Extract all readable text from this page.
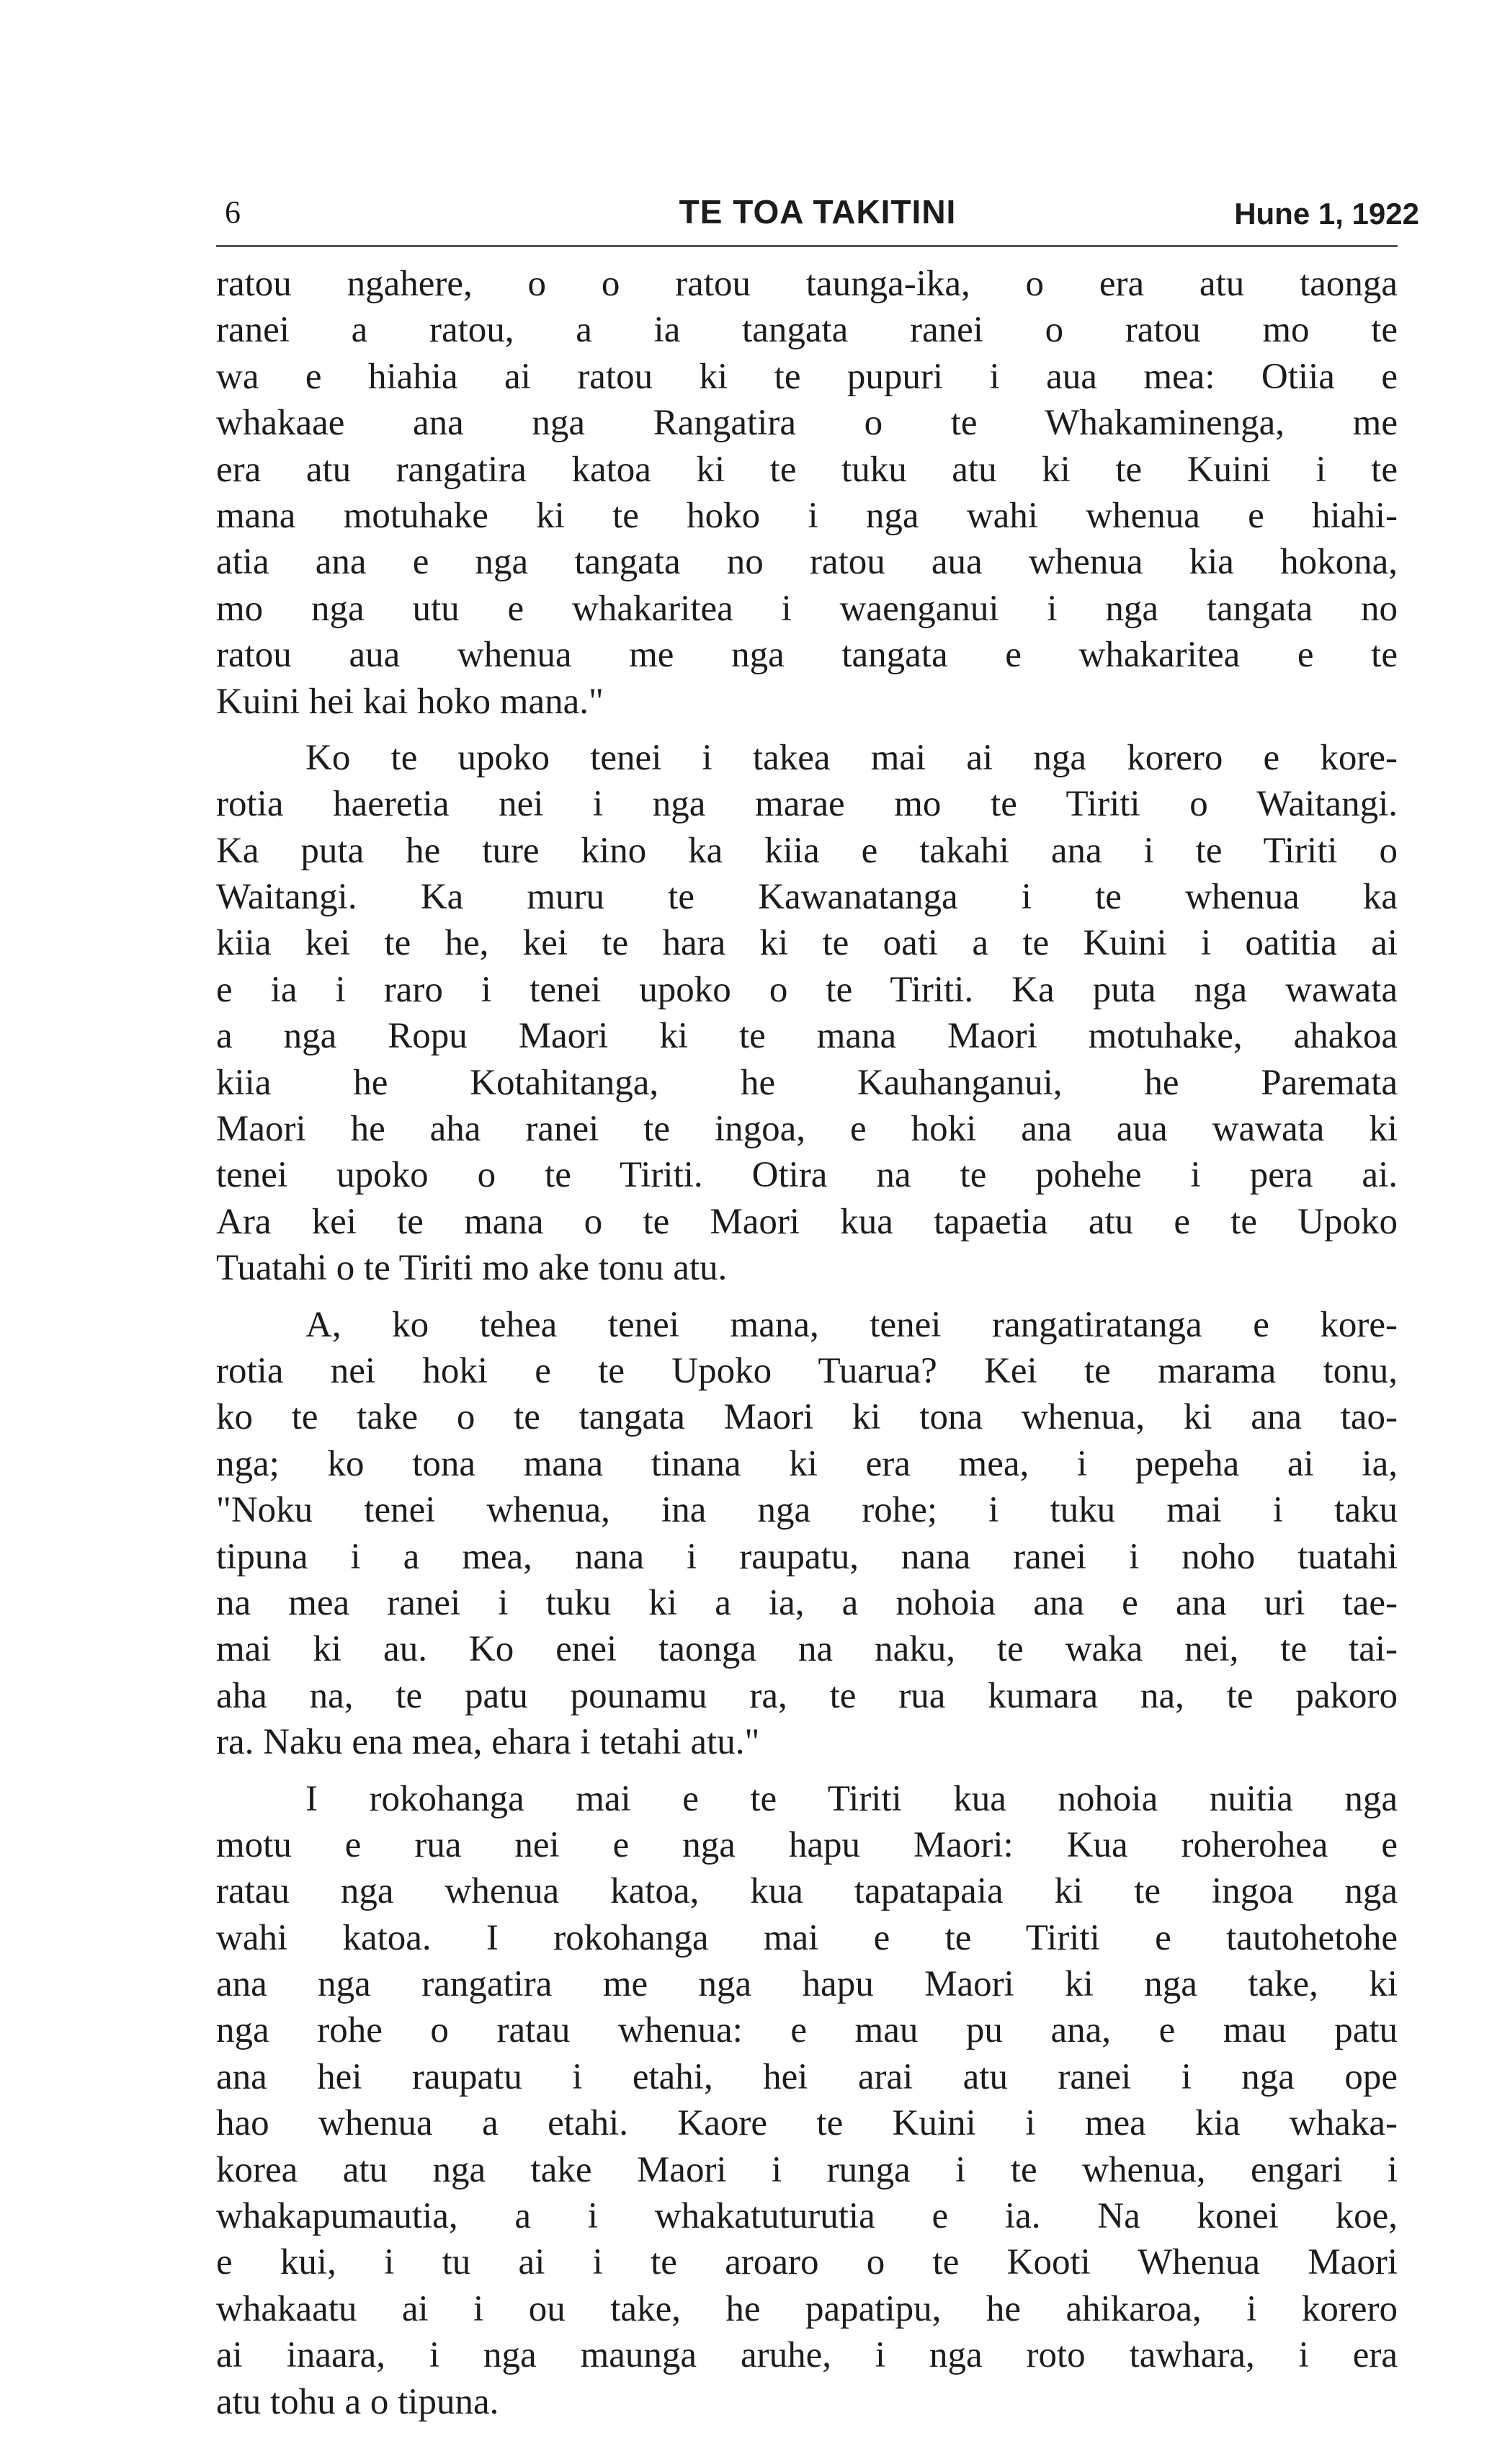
6	TE TOA TAKITINI	Hune 1, 1922
ratou ngahere, o o ratou taunga-ika, o era atu taonga
ranei a ratou, a ia tangata ranei o ratou mo te
wa e hiahia ai ratou ki te pupuri i aua mea: Otiia e
whakaae ana nga Rangatira o te Whakaminenga, me
era atu rangatira katoa ki te tuku atu ki te Kuini i te
mana motuhake ki te hoko i nga wahi whenua e hiahi-
atia ana e nga tangata no ratou aua whenua kia hokona,
mo nga utu e whakaritea i waenganui i nga tangata no
ratou aua whenua me nga tangata e whakaritea e te
Kuini hei kai hoko mana."
Ko te upoko tenei i takea mai ai nga korero e kore-
rotia haeretia nei i nga marae mo te Tiriti o Waitangi.
Ka puta he ture kino ka kiia e takahi ana i te Tiriti o
Waitangi. Ka muru te Kawanatanga i te whenua ka
kiia kei te he, kei te hara ki te oati a te Kuini i oatitia ai
e ia i raro i tenei upoko o te Tiriti. Ka puta nga wawata
a nga Ropu Maori ki te mana Maori motuhake, ahakoa
kiia he Kotahitanga, he Kauhanganui, he Paremata
Maori he aha ranei te ingoa, e hoki ana aua wawata ki
tenei upoko o te Tiriti. Otira na te pohehe i pera ai.
Ara kei te mana o te Maori kua tapaetia atu e te Upoko
Tuatahi o te Tiriti mo ake tonu atu.
A, ko tehea tenei mana, tenei rangatiratanga e kore-
rotia nei hoki e te Upoko Tuarua? Kei te marama tonu,
ko te take o te tangata Maori ki tona whenua, ki ana tao-
nga; ko tona mana tinana ki era mea, i pepeha ai ia,
"Noku tenei whenua, ina nga rohe; i tuku mai i taku
tipuna i a mea, nana i raupatu, nana ranei i noho tuatahi
na mea ranei i tuku ki a ia, a nohoia ana e ana uri tae-
mai ki au. Ko enei taonga na naku, te waka nei, te tai-
aha na, te patu pounamu ra, te rua kumara na, te pakoro
ra. Naku ena mea, ehara i tetahi atu."
I rokohanga mai e te Tiriti kua nohoia nuitia nga
motu e rua nei e nga hapu Maori: Kua roherohea e
ratau nga whenua katoa, kua tapatapaia ki te ingoa nga
wahi katoa. I rokohanga mai e te Tiriti e tautohetohe
ana nga rangatira me nga hapu Maori ki nga take, ki
nga rohe o ratau whenua: e mau pu ana, e mau patu
ana hei raupatu i etahi, hei arai atu ranei i nga ope
hao whenua a etahi. Kaore te Kuini i mea kia whaka-
korea atu nga take Maori i runga i te whenua, engari i
whakapumautia, a i whakatuturutia e ia. Na konei koe,
e kui, i tu ai i te aroaro o te Kooti Whenua Maori
whakaatu ai i ou take, he papatipu, he ahikaroa, i korero
ai inaara, i nga maunga aruhe, i nga roto tawhara, i era
atu tohu a o tipuna.
